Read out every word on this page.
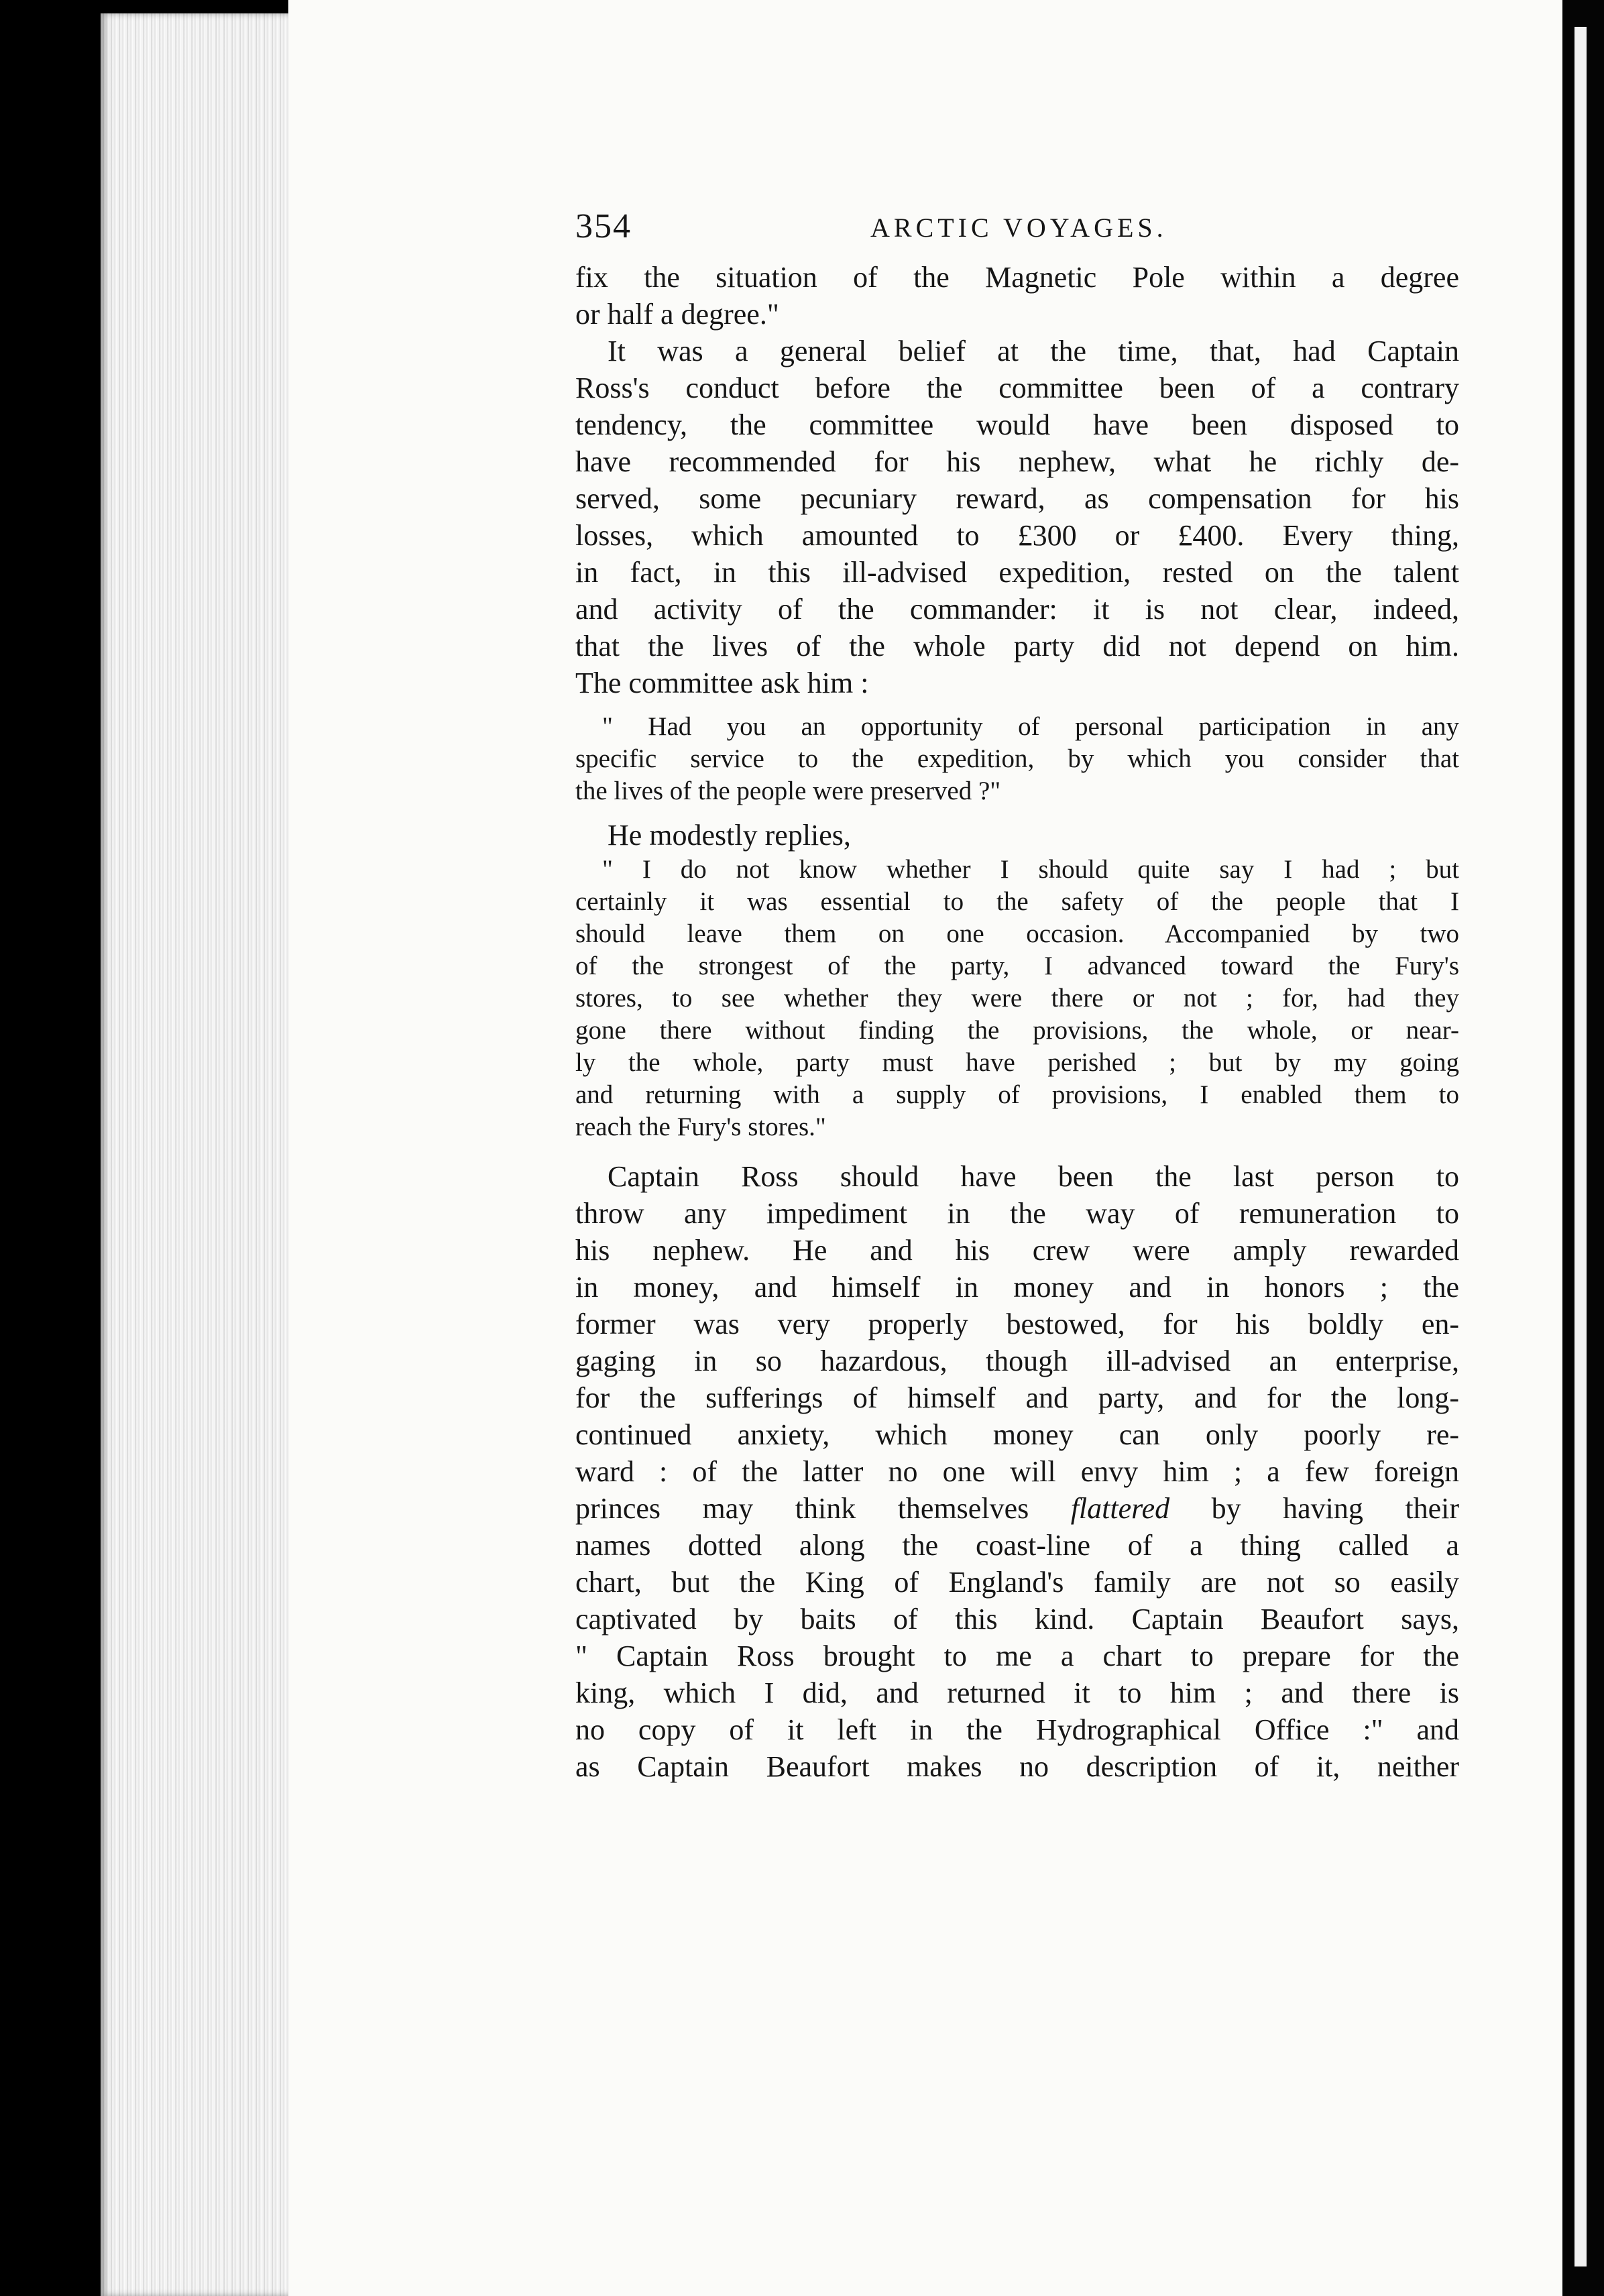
354	ARCTIC VOYAGES.
fix the situation of the Magnetic Pole within a degree
or half a degree."
It was a general belief at the time, that, had Captain
Ross's conduct before the committee been of a contrary
tendency, the committee would have been disposed to
have recommended for his nephew, what he richly de-
served, some pecuniary reward, as compensation for his
losses, which amounted to £300 or £400. Every thing,
in fact, in this ill-advised expedition, rested on the talent
and activity of the commander: it is not clear, indeed,
that the lives of the whole party did not depend on him.
The committee ask him :
" Had you an opportunity of personal participation in any
specific service to the expedition, by which you consider that
the lives of the people were preserved ?"
He modestly replies,
" I do not know whether I should quite say I had ; but
certainly it was essential to the safety of the people that I
should leave them on one occasion. Accompanied by two
of the strongest of the party, I advanced toward the Fury's
stores, to see whether they were there or not ; for, had they
gone there without finding the provisions, the whole, or near-
ly the whole, party must have perished ; but by my going
and returning with a supply of provisions, I enabled them to
reach the Fury's stores."
Captain Ross should have been the last person to
throw any impediment in the way of remuneration to
his nephew. He and his crew were amply rewarded
in money, and himself in money and in honors ; the
former was very properly bestowed, for his boldly en-
gaging in so hazardous, though ill-advised an enterprise,
for the sufferings of himself and party, and for the long-
continued anxiety, which money can only poorly re-
ward : of the latter no one will envy him ; a few foreign
princes may think themselves flattered by having their
names dotted along the coast-line of a thing called a
chart, but the King of England's family are not so easily
captivated by baits of this kind. Captain Beaufort says,
" Captain Ross brought to me a chart to prepare for the
king, which I did, and returned it to him ; and there is
no copy of it left in the Hydrographical Office :" and
as Captain Beaufort makes no description of it, neither
